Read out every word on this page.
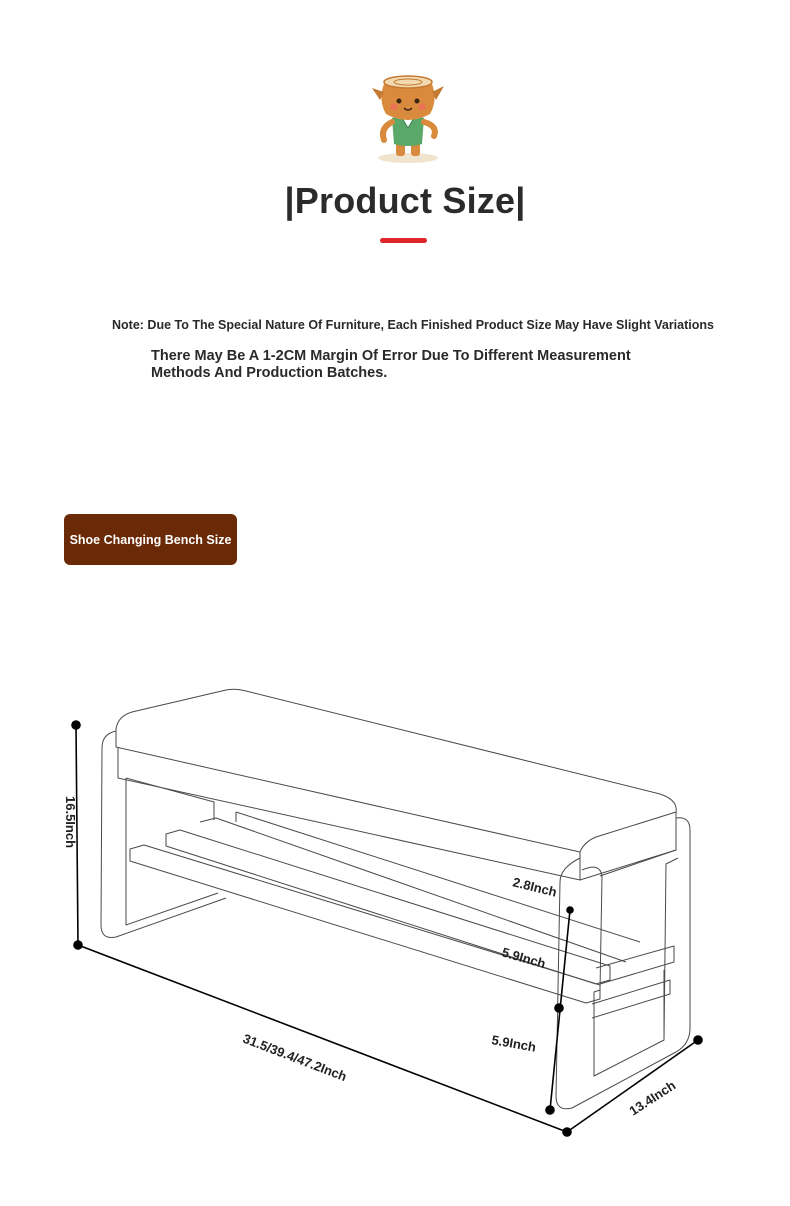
|Product Size|
Note: Due To The Special Nature Of Furniture, Each Finished Product Size May Have Slight Variations
There May Be A 1-2CM Margin Of Error Due To Different Measurement Methods And Production Batches.
Shoe Changing Bench Size
16.5Inch
31.5/39.4/47.2Inch
13.4Inch
2.8Inch
5.9Inch
5.9Inch
